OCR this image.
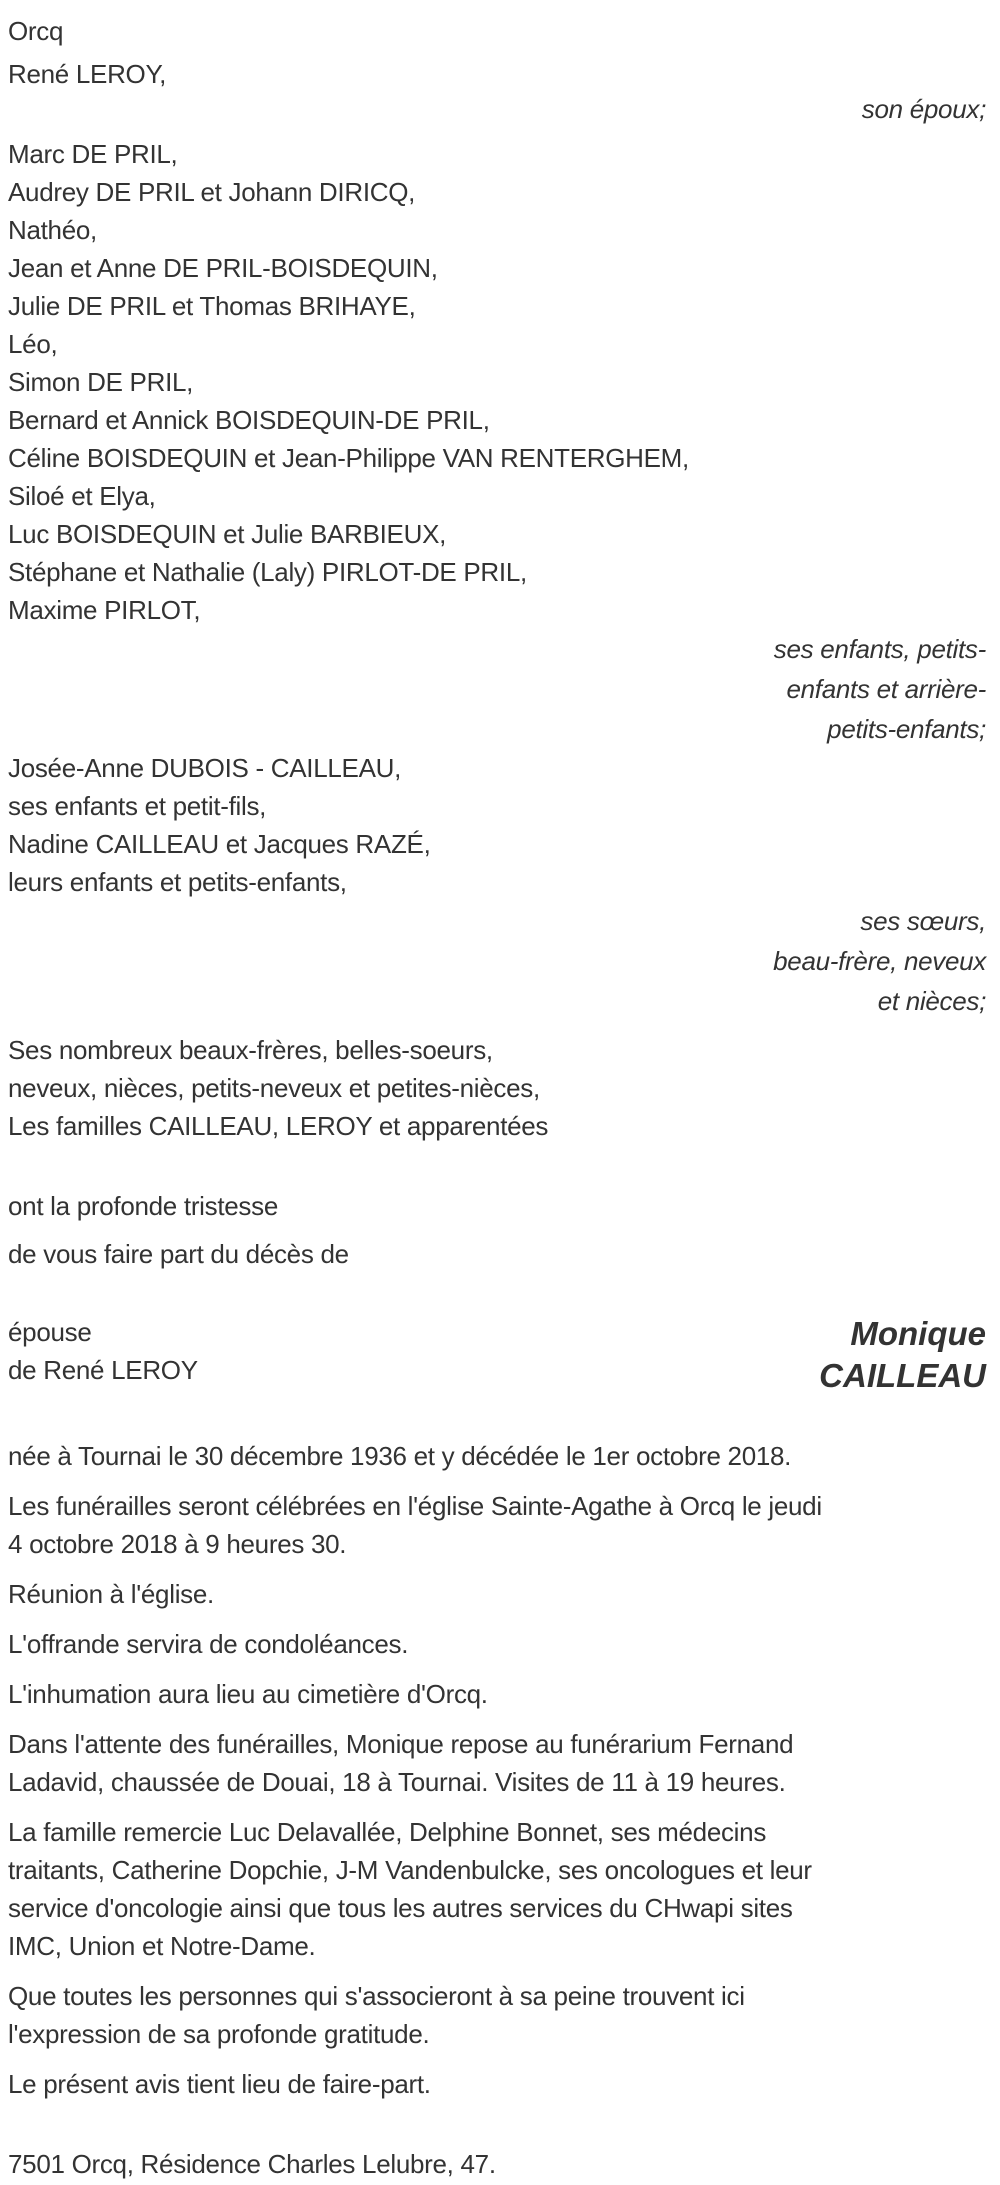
Orcq
René LEROY,
son époux;
Marc DE PRIL,
Audrey DE PRIL et Johann DIRICQ,
Nathéo,
Jean et Anne DE PRIL-BOISDEQUIN,
Julie DE PRIL et Thomas BRIHAYE,
Léo,
Simon DE PRIL,
Bernard et Annick BOISDEQUIN-DE PRIL,
Céline BOISDEQUIN et Jean-Philippe VAN RENTERGHEM,
Siloé et Elya,
Luc BOISDEQUIN et Julie BARBIEUX,
Stéphane et Nathalie (Laly) PIRLOT-DE PRIL,
Maxime PIRLOT,
ses enfants, petits-
enfants et arrière-
petits-enfants;
Josée-Anne DUBOIS - CAILLEAU,
ses enfants et petit-fils,
Nadine CAILLEAU et Jacques RAZÉ,
leurs enfants et petits-enfants,
ses sœurs,
beau-frère, neveux
et nièces;
Ses nombreux beaux-frères, belles-soeurs,
neveux, nièces, petits-neveux et petites-nièces,
Les familles CAILLEAU, LEROY et apparentées

ont la profonde tristesse

de vous faire part du décès de

épouse
de René LEROY
Monique
CAILLEAU
née à Tournai le 30 décembre 1936 et y décédée le 1er octobre 2018.
Les funérailles seront célébrées en l'église Sainte-Agathe à Orcq le jeudi
4 octobre 2018 à 9 heures 30.
Réunion à l'église.
L'offrande servira de condoléances.
L'inhumation aura lieu au cimetière d'Orcq.
Dans l'attente des funérailles, Monique repose au funérarium Fernand
Ladavid, chaussée de Douai, 18 à Tournai. Visites de 11 à 19 heures.
La famille remercie Luc Delavallée, Delphine Bonnet, ses médecins
traitants, Catherine Dopchie, J-M Vandenbulcke, ses oncologues et leur
service d'oncologie ainsi que tous les autres services du CHwapi sites
IMC, Union et Notre-Dame.
Que toutes les personnes qui s'associeront à sa peine trouvent ici
l'expression de sa profonde gratitude.
Le présent avis tient lieu de faire-part.
7501 Orcq, Résidence Charles Lelubre, 47.
